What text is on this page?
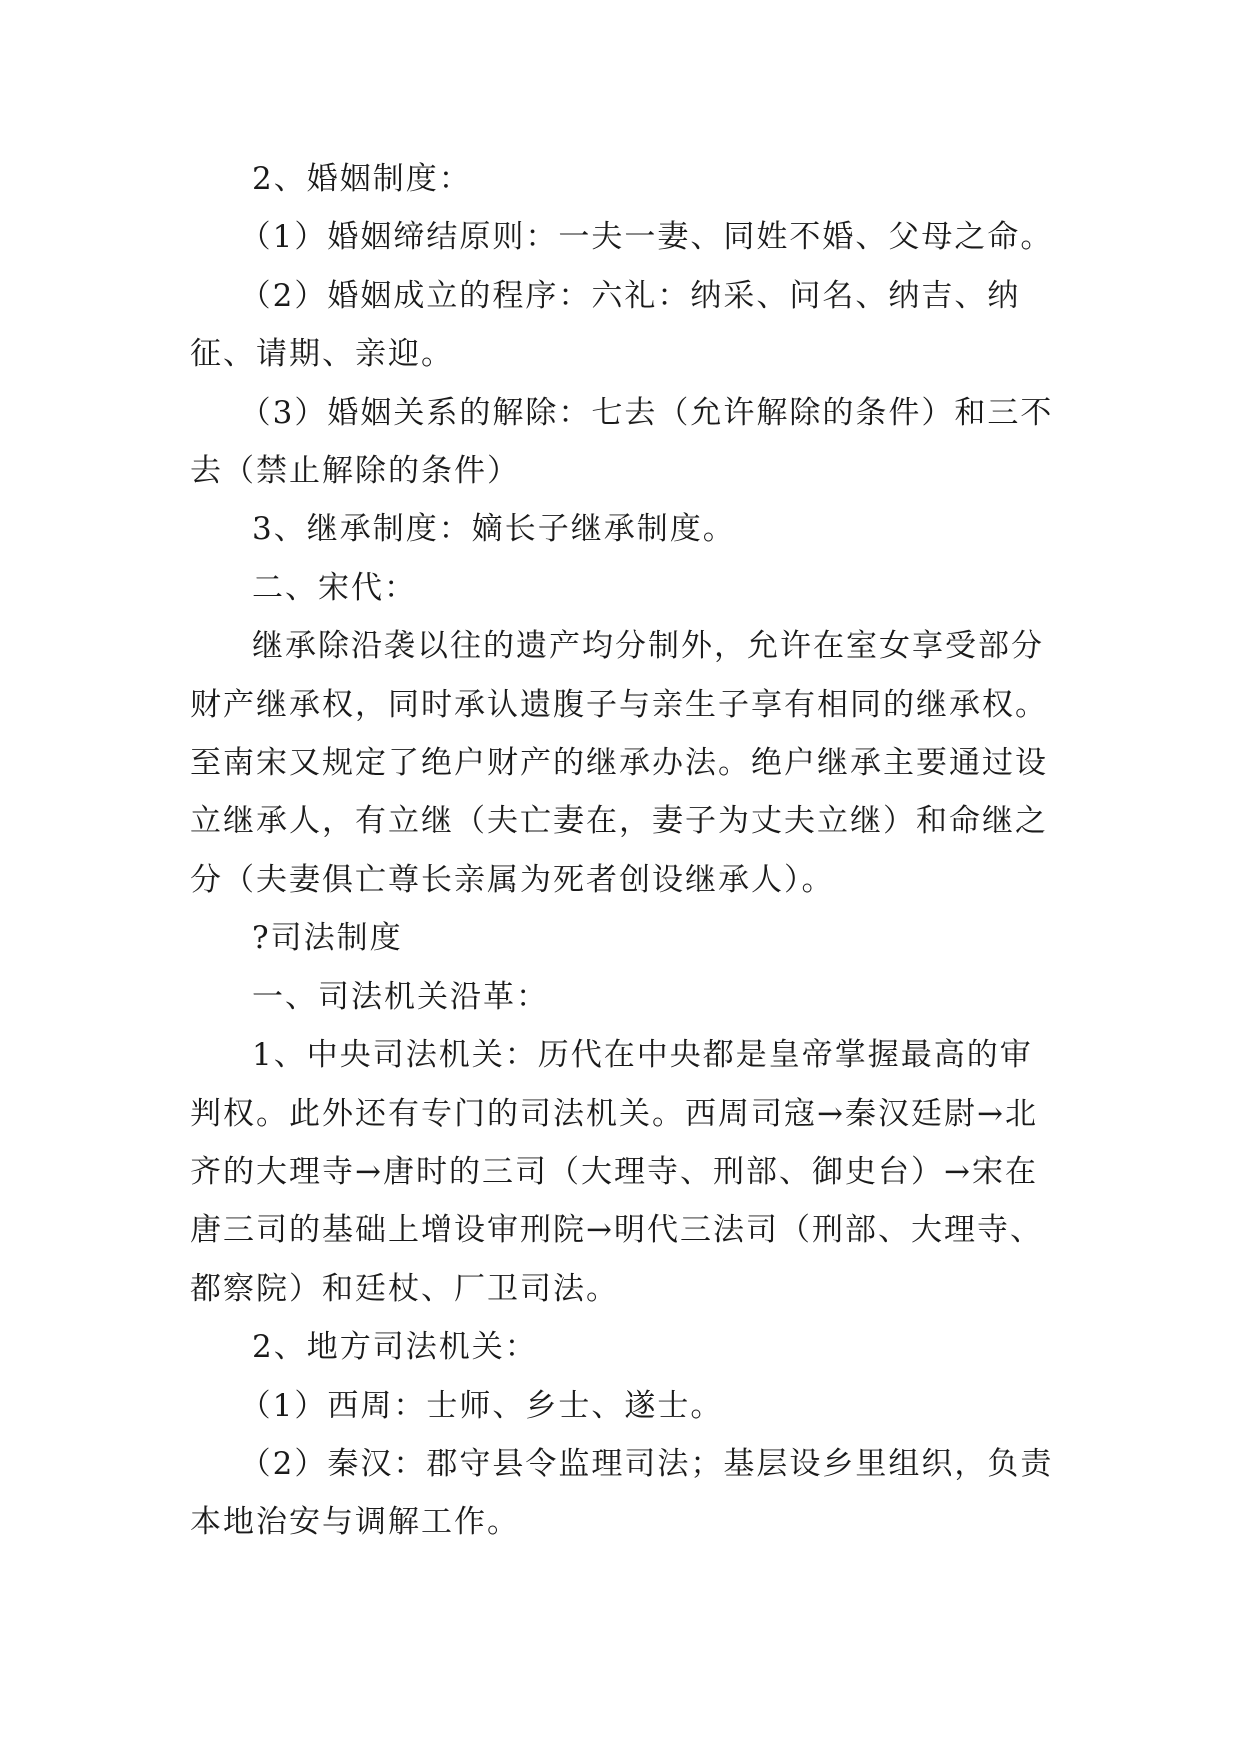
2、婚姻制度：

（1）婚姻缔结原则：一夫一妻、同姓不婚、父母之命。

（2）婚姻成立的程序：六礼：纳采、问名、纳吉、纳征、请期、亲迎。

（3）婚姻关系的解除：七去（允许解除的条件）和三不去（禁止解除的条件）

3、继承制度：嫡长子继承制度。

二、宋代：

继承除沿袭以往的遗产均分制外，允许在室女享受部分财产继承权，同时承认遗腹子与亲生子享有相同的继承权。至南宋又规定了绝户财产的继承办法。绝户继承主要通过设立继承人，有立继（夫亡妻在，妻子为丈夫立继）和命继之分（夫妻俱亡尊长亲属为死者创设继承人）。

?司法制度

一、司法机关沿革：

1、中央司法机关：历代在中央都是皇帝掌握最高的审判权。此外还有专门的司法机关。西周司寇→秦汉廷尉→北齐的大理寺→唐时的三司（大理寺、刑部、御史台）→宋在唐三司的基础上增设审刑院→明代三法司（刑部、大理寺、都察院）和廷杖、厂卫司法。

2、地方司法机关：

（1）西周：士师、乡士、遂士。

（2）秦汉：郡守县令监理司法；基层设乡里组织，负责本地治安与调解工作。
